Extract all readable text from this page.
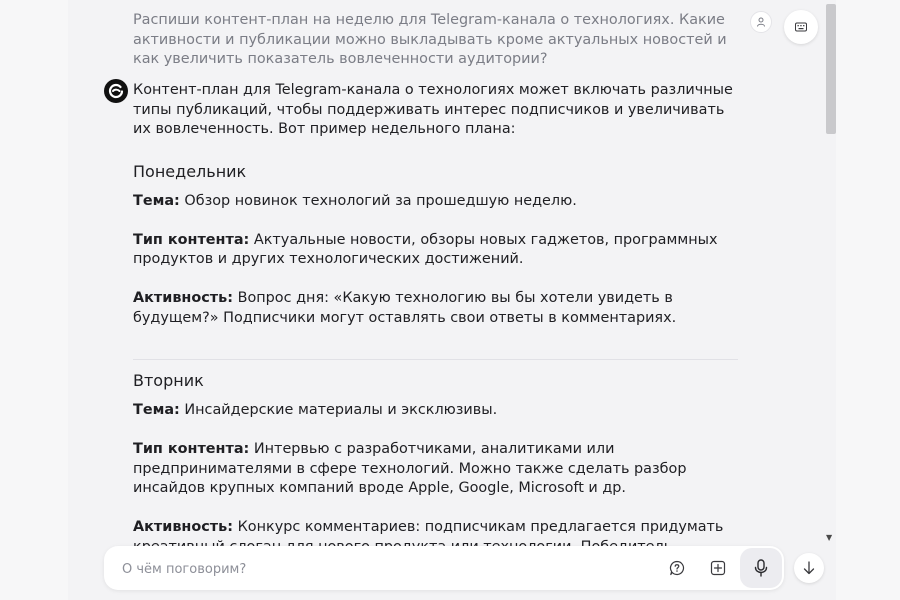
Распиши контент-план на неделю для Telegram-канала о технологиях. Какие активности и публикации можно выкладывать кроме актуальных новостей и как увеличить показатель вовлеченности аудитории?

Контент-план для Telegram-канала о технологиях может включать различные типы публикаций, чтобы поддерживать интерес подписчиков и увеличивать их вовлеченность. Вот пример недельного плана:

Понедельник

Тема: Обзор новинок технологий за прошедшую неделю.

Тип контента: Актуальные новости, обзоры новых гаджетов, программных продуктов и других технологических достижений.

Активность: Вопрос дня: «Какую технологию вы бы хотели увидеть в будущем?» Подписчики могут оставлять свои ответы в комментариях.

Вторник

Тема: Инсайдерские материалы и эксклюзивы.

Тип контента: Интервью с разработчиками, аналитиками или предпринимателями в сфере технологий. Можно также сделать разбор инсайдов крупных компаний вроде Apple, Google, Microsoft и др.

Активность: Конкурс комментариев: подписчикам предлагается придумать

▼
О чём поговорим?
